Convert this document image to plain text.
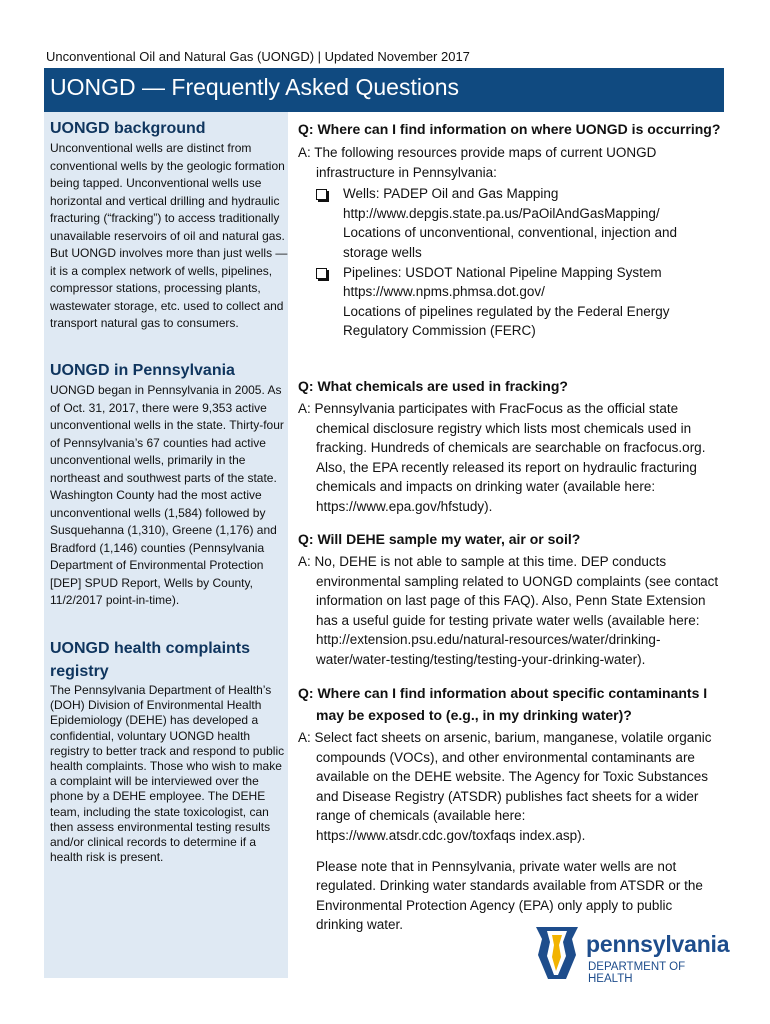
Unconventional Oil and Natural Gas (UONGD) | Updated November 2017
UONGD — Frequently Asked Questions
UONGD background

Unconventional wells are distinct from conventional wells by the geologic formation being tapped. Unconventional wells use horizontal and vertical drilling and hydraulic fracturing (“fracking”) to access traditionally unavailable reservoirs of oil and natural gas. But UONGD involves more than just wells — it is a complex network of wells, pipelines, compressor stations, processing plants, wastewater storage, etc. used to collect and transport natural gas to consumers.

UONGD in Pennsylvania

UONGD began in Pennsylvania in 2005. As of Oct. 31, 2017, there were 9,353 active unconventional wells in the state. Thirty-four of Pennsylvania’s 67 counties had active unconventional wells, primarily in the northeast and southwest parts of the state. Washington County had the most active unconventional wells (1,584) followed by Susquehanna (1,310), Greene (1,176) and Bradford (1,146) counties (Pennsylvania Department of Environmental Protection [DEP] SPUD Report, Wells by County, 11/2/2017 point-in-time).

UONGD health complaints registry

The Pennsylvania Department of Health’s (DOH) Division of Environmental Health Epidemiology (DEHE) has developed a confidential, voluntary UONGD health registry to better track and respond to public health complaints. Those who wish to make a complaint will be interviewed over the phone by a DEHE employee. The DEHE team, including the state toxicologist, can then assess environmental testing results and/or clinical records to determine if a health risk is present.

Q: Where can I find information on where UONGD is occurring?

A: The following resources provide maps of current UONGD infrastructure in Pennsylvania:

Wells: PADEP Oil and Gas Mapping
http://www.depgis.state.pa.us/PaOilAndGasMapping/
Locations of unconventional, conventional, injection and storage wells
Pipelines: USDOT National Pipeline Mapping System
https://www.npms.phmsa.dot.gov/
Locations of pipelines regulated by the Federal Energy Regulatory Commission (FERC)

Q: What chemicals are used in fracking?

A: Pennsylvania participates with FracFocus as the official state chemical disclosure registry which lists most chemicals used in fracking. Hundreds of chemicals are searchable on fracfocus.org. Also, the EPA recently released its report on hydraulic fracturing chemicals and impacts on drinking water (available here: https://www.epa.gov/hfstudy).

Q: Will DEHE sample my water, air or soil?

A: No, DEHE is not able to sample at this time. DEP conducts environmental sampling related to UONGD complaints (see contact information on last page of this FAQ). Also, Penn State Extension has a useful guide for testing private water wells (available here: http://extension.psu.edu/natural-resources/water/drinking-water/water-testing/testing/testing-your-drinking-water).

Q: Where can I find information about specific contaminants I may be exposed to (e.g., in my drinking water)?

A: Select fact sheets on arsenic, barium, manganese, volatile organic compounds (VOCs), and other environmental contaminants are available on the DEHE website. The Agency for Toxic Substances and Disease Registry (ATSDR) publishes fact sheets for a wider range of chemicals (available here: https://www.atsdr.cdc.gov/toxfaqs index.asp).

Please note that in Pennsylvania, private water wells are not regulated. Drinking water standards available from ATSDR or the Environmental Protection Agency (EPA) only apply to public drinking water.

pennsylvania
DEPARTMENT OF HEALTH
